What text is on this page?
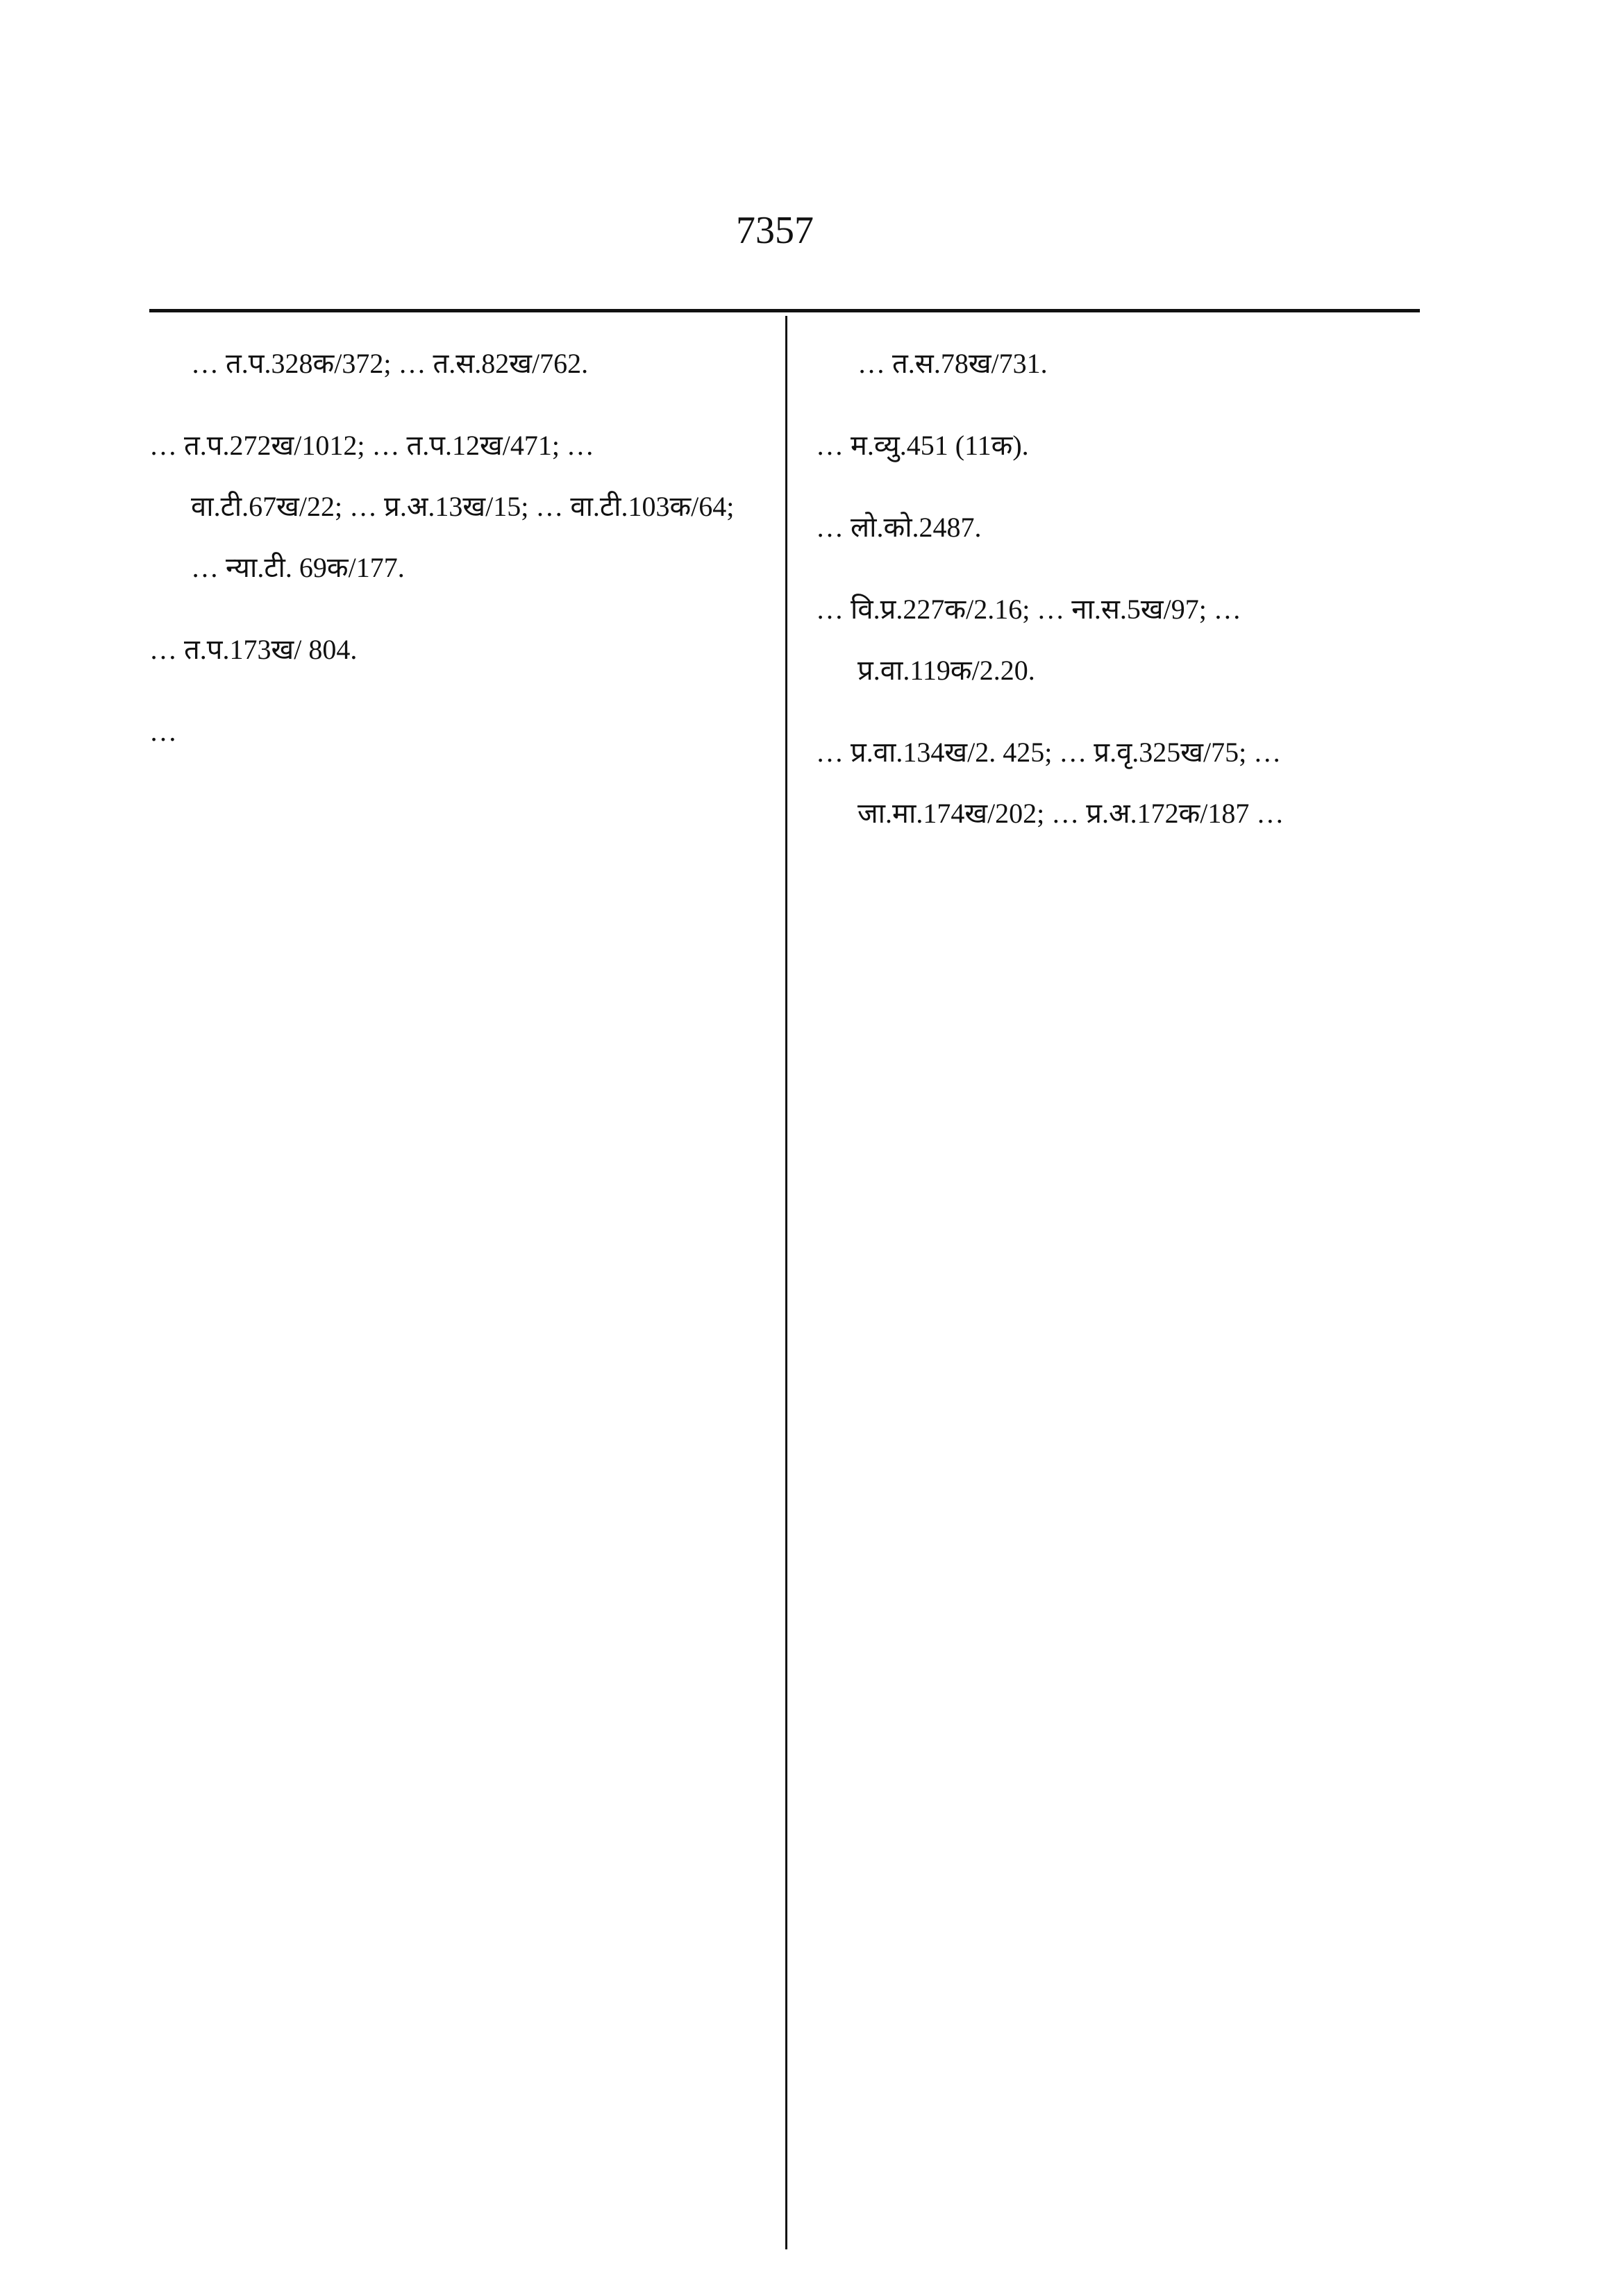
7357

… त.प.328क/372; … त.स.82ख/762.

… त.प.272ख/1012; … त.प.12ख/471; … वा.टी.67ख/22; … प्र.अ.13ख/15; … वा.टी.103क/64; … न्या.टी. 69क/177.

… त.प.173ख/ 804.

…

… त.स.78ख/731.

… म.व्यु.451 (11क).

… लो.को.2487.

… वि.प्र.227क/2.16; … ना.स.5ख/97; … प्र.वा.119क/2.20.

… प्र.वा.134ख/2. 425; … प्र.वृ.325ख/75; … जा.मा.174ख/202; … प्र.अ.172क/187 …
